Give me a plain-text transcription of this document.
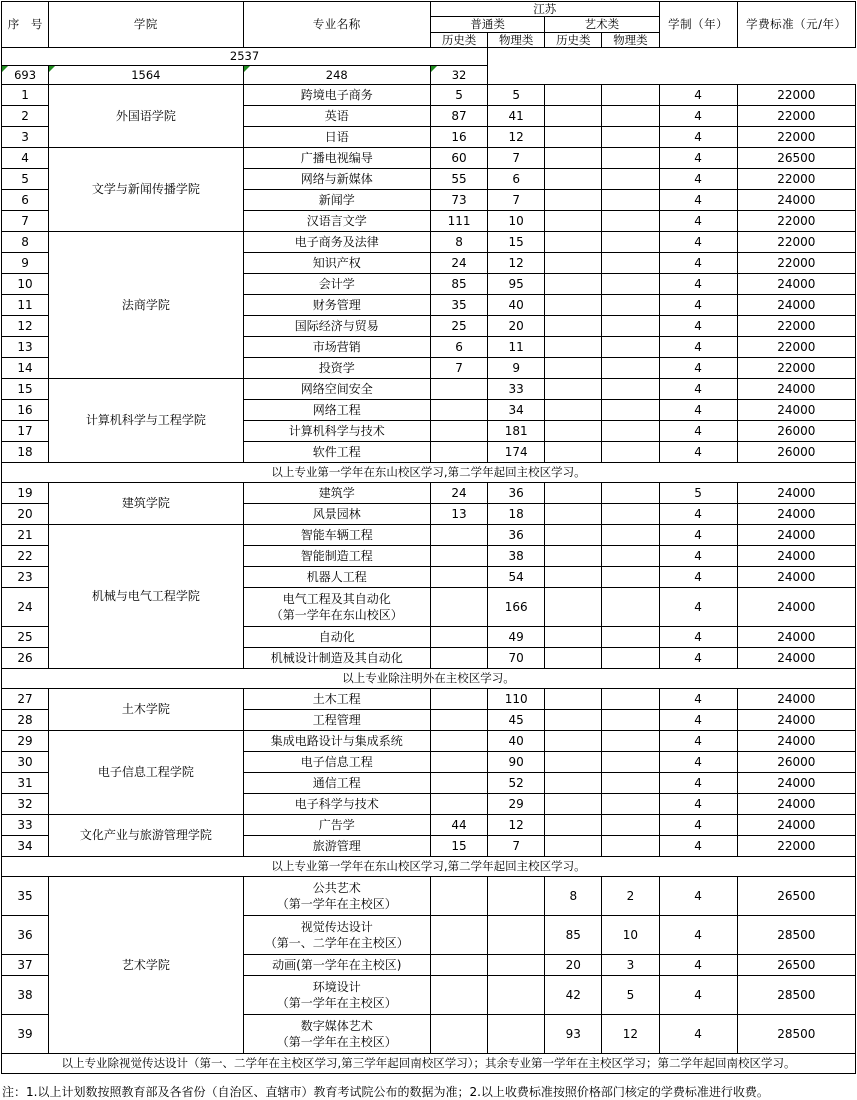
序 号	学院	专业名称	江苏				学制（年）	学费标准（元/年）
			普通类		艺术类			
			历史类	物理类	历史类	物理类		
2537								

693	1564	248	32					
1	外国语学院	跨境电子商务	5	5			4	22000
2		英语	87	41			4	22000
3		日语	16	12			4	22000
4	文学与新闻传播学院	广播电视编导	60	7			4	26500
5		网络与新媒体	55	6			4	22000
6		新闻学	73	7			4	24000
7		汉语言文学	111	10			4	22000
8	法商学院	电子商务及法律	8	15			4	22000
9		知识产权	24	12			4	22000
10		会计学	85	95			4	24000
11		财务管理	35	40			4	24000
12		国际经济与贸易	25	20			4	22000
13		市场营销	6	11			4	22000
14		投资学	7	9			4	22000
15	计算机科学与工程学院	网络空间安全		33			4	24000
16		网络工程		34			4	24000
17		计算机科学与技术		181			4	26000
18		软件工程		174			4	26000
以上专业第一学年在东山校区学习,第二学年起回主校区学习。								
19	建筑学院	建筑学	24	36			5	24000
20		风景园林	13	18			4	24000
21	机械与电气工程学院	智能车辆工程		36			4	24000
22		智能制造工程		38			4	24000
23		机器人工程		54			4	24000
24		电气工程及其自动化
（第一学年在东山校区）		166			4	24000
25		自动化		49			4	24000
26		机械设计制造及其自动化		70			4	24000
以上专业除注明外在主校区学习。								
27	土木学院	土木工程		110			4	24000
28		工程管理		45			4	24000
29	电子信息工程学院	集成电路设计与集成系统		40			4	24000
30		电子信息工程		90			4	26000
31		通信工程		52			4	24000
32		电子科学与技术		29			4	24000
33	文化产业与旅游管理学院	广告学	44	12			4	24000
34		旅游管理	15	7			4	22000
以上专业第一学年在东山校区学习,第二学年起回主校区学习。								
35	艺术学院	公共艺术
（第一学年在主校区）			8	2	4	26500
36		视觉传达设计
（第一、二学年在主校区）			85	10	4	28500
37		动画(第一学年在主校区)			20	3	4	26500
38		环境设计
（第一学年在主校区）			42	5	4	28500
39		数字媒体艺术
（第一学年在主校区）			93	12	4	28500
以上专业除视觉传达设计（第一、二学年在主校区学习,第三学年起回南校区学习）；其余专业第一学年在主校区学习；第二学年起回南校区学习。								
注：1.以上计划数按照教育部及各省份（自治区、直辖市）教育考试院公布的数据为准；2.以上收费标准按照价格部门核定的学费标准进行收费。
